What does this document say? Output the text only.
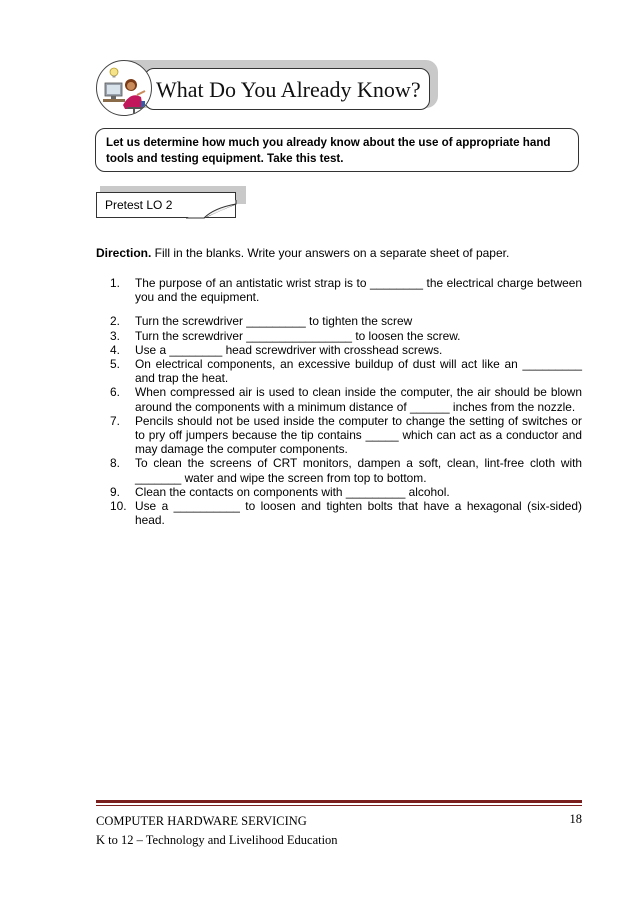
What Do You Already Know?
Let us determine how much you already know about the use of appropriate hand
tools and testing equipment. Take this test.
Pretest LO 2
Direction. Fill in the blanks. Write your answers on a separate sheet of paper.
1.	The purpose of an antistatic wrist strap is to ________ the electrical charge between you and the equipment.
2.	Turn the screwdriver _________ to tighten the screw
3.	Turn the screwdriver ________________ to loosen the screw.
4.	Use a ________ head screwdriver with crosshead screws.
5.	On electrical components, an excessive buildup of dust will act like an _________ and trap the heat.
6.	When compressed air is used to clean inside the computer, the air should be blown around the components with a minimum distance of ______ inches from the nozzle.
7.	Pencils should not be used inside the computer to change the setting of switches or to pry off jumpers because the tip contains _____ which can act as a conductor and may damage the computer components.
8.	To clean the screens of CRT monitors, dampen a soft, clean, lint-free cloth with _______ water and wipe the screen from top to bottom.
9.	Clean the contacts on components with _________ alcohol.
10. Use a __________ to loosen and tighten bolts that have a hexagonal (six-sided) head.
COMPUTER HARDWARE SERVICING
K to 12 – Technology and Livelihood Education
18
